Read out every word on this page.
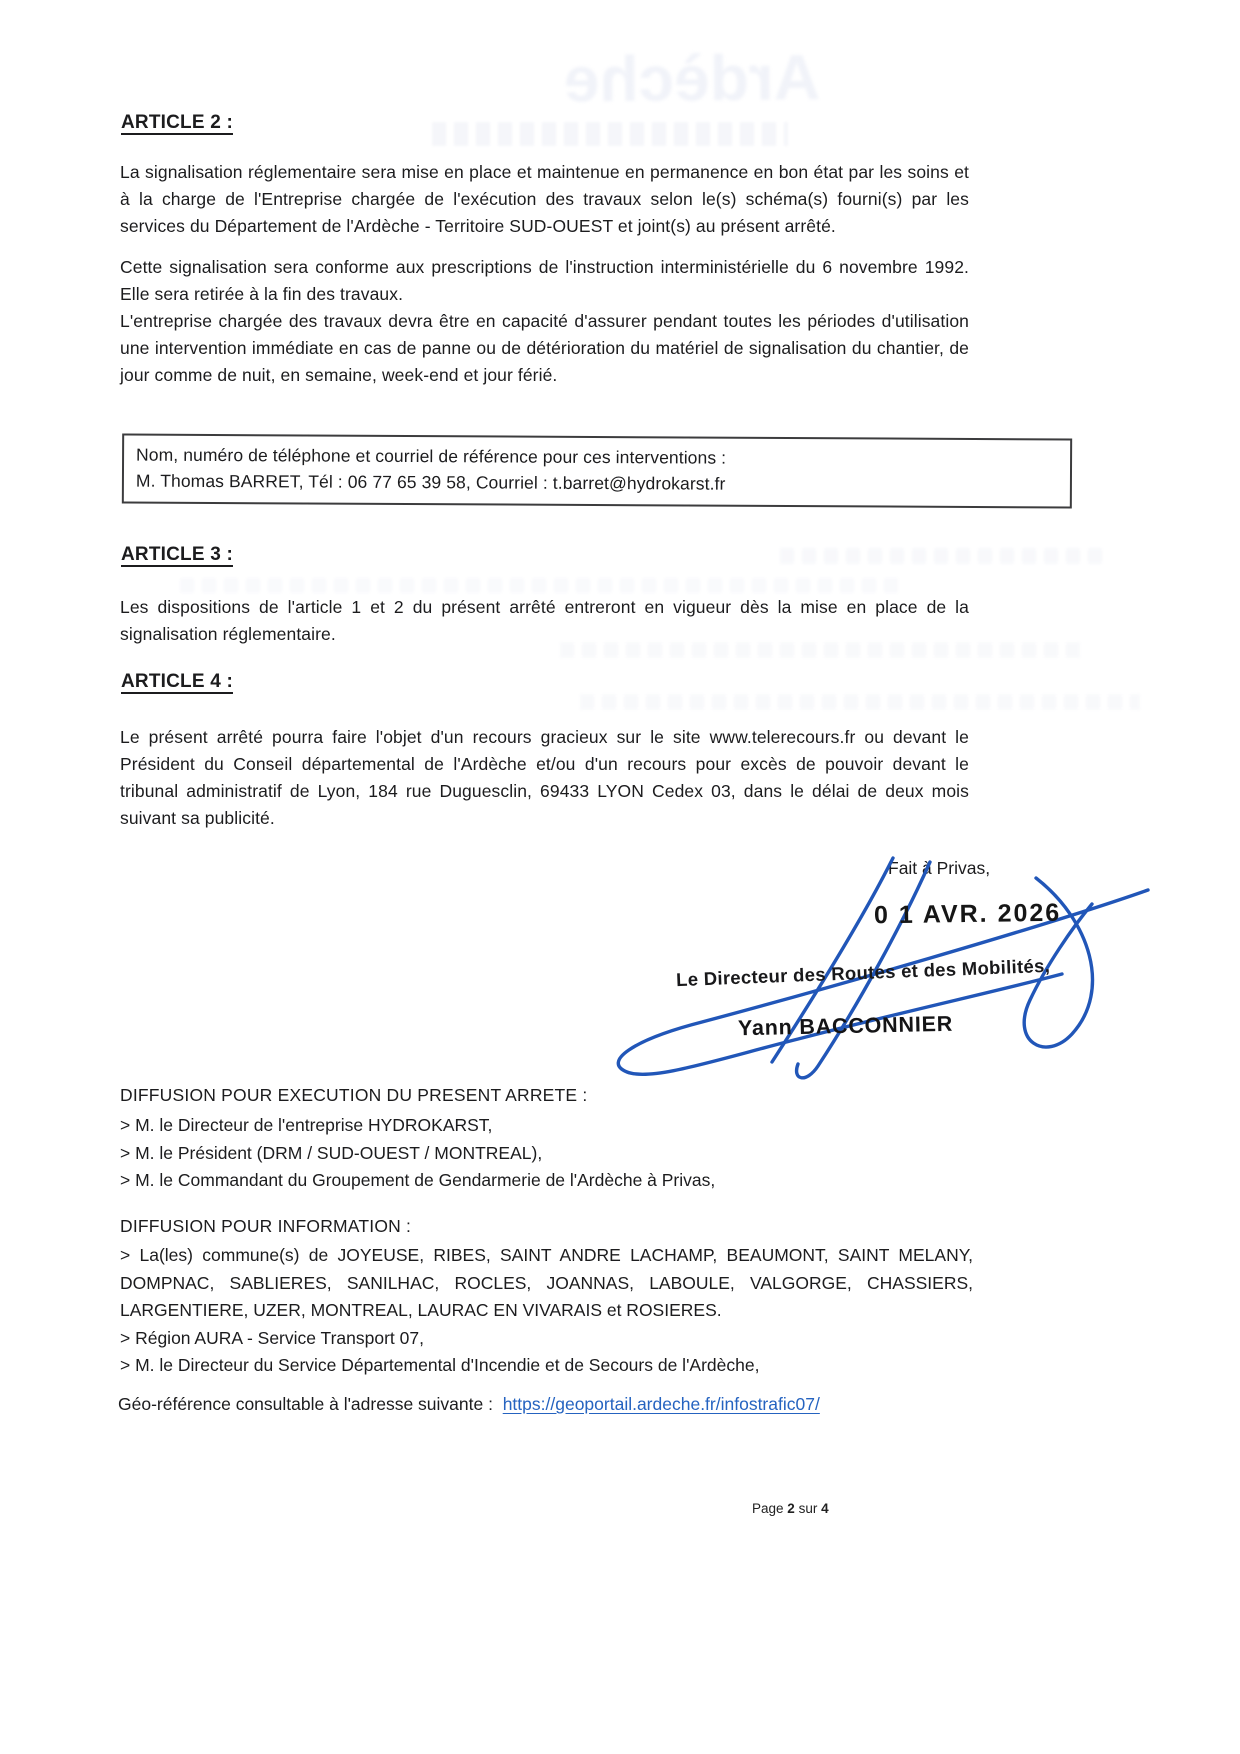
Ardèche
ARTICLE 2 :

La signalisation réglementaire sera mise en place et maintenue en permanence en bon état par les soins et à la charge de l'Entreprise chargée de l'exécution des travaux selon le(s) schéma(s) fourni(s) par les services du Département de l'Ardèche - Territoire SUD-OUEST et joint(s) au présent arrêté.

Cette signalisation sera conforme aux prescriptions de l'instruction interministérielle du 6 novembre 1992. Elle sera retirée à la fin des travaux.

L'entreprise chargée des travaux devra être en capacité d'assurer pendant toutes les périodes d'utilisation une intervention immédiate en cas de panne ou de détérioration du matériel de signalisation du chantier, de jour comme de nuit, en semaine, week-end et jour férié.

Nom, numéro de téléphone et courriel de référence pour ces interventions :

M. Thomas BARRET, Tél : 06 77 65 39 58, Courriel : t.barret@hydrokarst.fr

ARTICLE 3 :

Les dispositions de l'article 1 et 2 du présent arrêté entreront en vigueur dès la mise en place de la signalisation réglementaire.

ARTICLE 4 :

Le présent arrêté pourra faire l'objet d'un recours gracieux sur le site www.telerecours.fr ou devant le Président du Conseil départemental de l'Ardèche et/ou d'un recours pour excès de pouvoir devant le tribunal administratif de Lyon, 184 rue Duguesclin, 69433 LYON Cedex 03, dans le délai de deux mois suivant sa publicité.

Fait à Privas,
0 1 AVR. 2026
Le Directeur des Routes et des Mobilités,
Yann BACCONNIER
DIFFUSION POUR EXECUTION DU PRESENT ARRETE :

> M. le Directeur de l'entreprise HYDROKARST,

> M. le Président (DRM / SUD-OUEST / MONTREAL),

> M. le Commandant du Groupement de Gendarmerie de l'Ardèche à Privas,

DIFFUSION POUR INFORMATION :

> La(les) commune(s) de JOYEUSE, RIBES, SAINT ANDRE LACHAMP, BEAUMONT, SAINT MELANY, DOMPNAC, SABLIERES, SANILHAC, ROCLES, JOANNAS, LABOULE, VALGORGE, CHASSIERS, LARGENTIERE, UZER, MONTREAL, LAURAC EN VIVARAIS et ROSIERES.

> Région AURA - Service Transport 07,

> M. le Directeur du Service Départemental d'Incendie et de Secours de l'Ardèche,

Géo-référence consultable à l'adresse suivante : https://geoportail.ardeche.fr/infostrafic07/
Page 2 sur 4
